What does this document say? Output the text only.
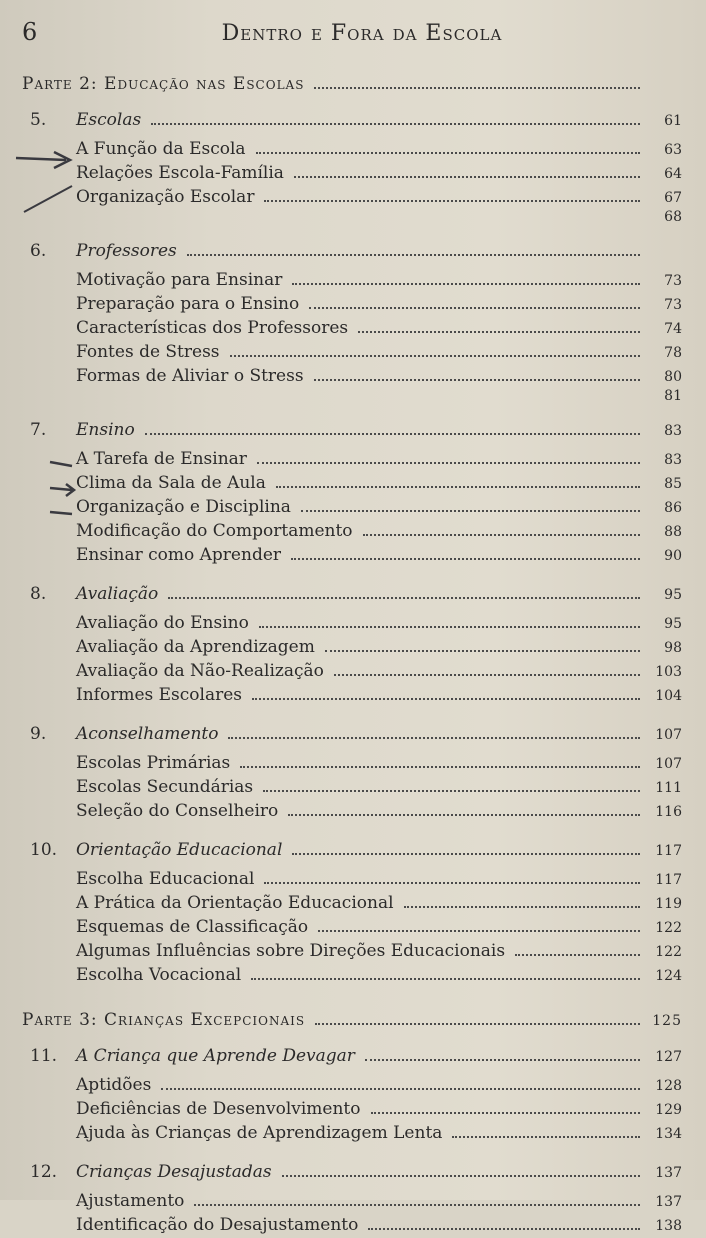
6	Dentro e Fora da Escola
Parte 2: Educação nas Escolas
5.	Escolas	61
A Função da Escola	63
Relações Escola-Família	64
Organização Escolar	67
68
6.	Professores
Motivação para Ensinar	73
Preparação para o Ensino	73
Características dos Professores	74
Fontes de Stress	78
Formas de Aliviar o Stress	80
81
7.	Ensino	83
A Tarefa de Ensinar	83
Clima da Sala de Aula	85
Organização e Disciplina	86
Modificação do Comportamento	88
Ensinar como Aprender	90
8.	Avaliação	95
Avaliação do Ensino	95
Avaliação da Aprendizagem	98
Avaliação da Não-Realização	103
Informes Escolares	104
9.	Aconselhamento	107
Escolas Primárias	107
Escolas Secundárias	111
Seleção do Conselheiro	116
10.	Orientação Educacional	117
Escolha Educacional	117
A Prática da Orientação Educacional	119
Esquemas de Classificação	122
Algumas Influências sobre Direções Educacionais	122
Escolha Vocacional	124
Parte 3: Crianças Excepcionais	125
11.	A Criança que Aprende Devagar	127
Aptidões	128
Deficiências de Desenvolvimento	129
Ajuda às Crianças de Aprendizagem Lenta	134
12.	Crianças Desajustadas	137
Ajustamento	137
Identificação do Desajustamento	138
